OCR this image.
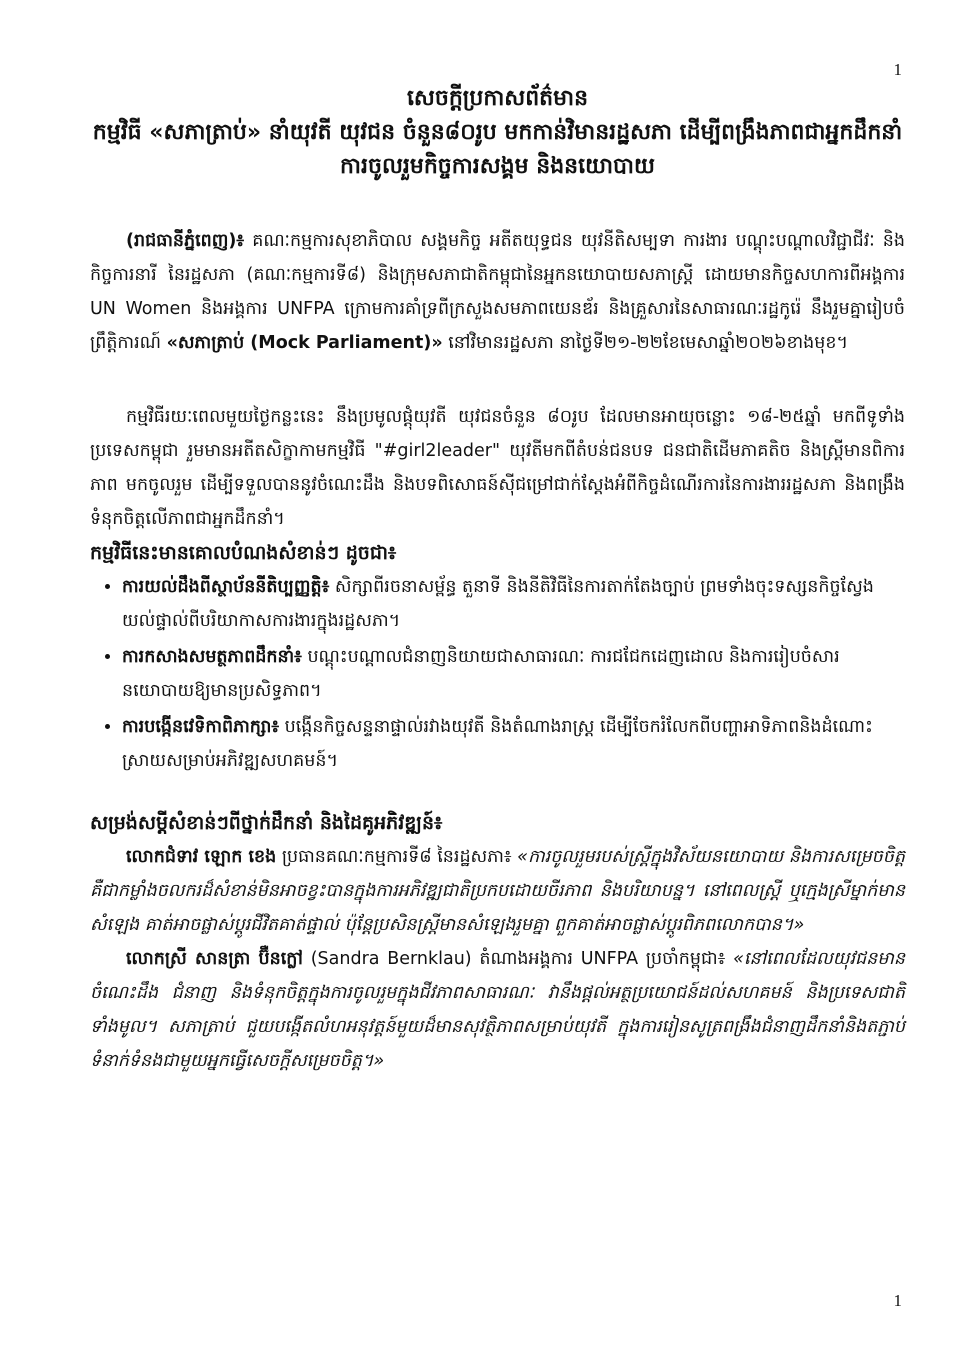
1

សេចក្តីប្រកាសព័ត៌មាន

កម្មវិធី «សភាត្រាប់» នាំយុវតី យុវជន ចំនួន៨០រូប មកកាន់វិមានរដ្ឋសភា ដើម្បីពង្រឹងភាពជាអ្នកដឹកនាំ

ការចូលរួមកិច្ចការសង្គម និងនយោបាយ

(រាជធានីភ្នំពេញ)៖ គណៈកម្មការសុខាភិបាល សង្គមកិច្ច អតីតយុទ្ធជន យុវនីតិសម្បទា ការងារ បណ្តុះបណ្តាលវិជ្ជាជីវៈ និងកិច្ចការនារី នៃរដ្ឋសភា (គណៈកម្មការទី៨) និងក្រុមសភាជាតិកម្ពុជានៃអ្នកនយោបាយសភាស្ត្រី ដោយមានកិច្ចសហការពីអង្គការ UN Women និងអង្គការ UNFPA ក្រោមការគាំទ្រពីក្រសួងសមភាពយេនឌ័រ និងគ្រួសារនៃសាធារណៈរដ្ឋកូរ៉េ នឹងរួមគ្នារៀបចំព្រឹត្តិការណ៍ «សភាត្រាប់ (Mock Parliament)» នៅវិមានរដ្ឋសភា នាថ្ងៃទី២១-២២ខែមេសាឆ្នាំ២០២៦ខាងមុខ។

កម្មវិធីរយៈពេលមួយថ្ងៃកន្លះនេះ នឹងប្រមូលផ្តុំយុវតី យុវជនចំនួន ៨០រូប ដែលមានអាយុចន្លោះ ១៨-២៥ឆ្នាំ មកពីទូទាំងប្រទេសកម្ពុជា រួមមានអតីតសិក្ខាកាមកម្មវិធី "#girl2leader" យុវតីមកពីតំបន់ជនបទ ជនជាតិដើមភាគតិច និងស្ត្រីមានពិការភាព មកចូលរួម ដើម្បីទទួលបាននូវចំណេះដឹង និងបទពិសោធន៍ស៊ីជម្រៅជាក់ស្តែងអំពីកិច្ចដំណើរការនៃការងាររដ្ឋសភា និងពង្រឹងទំនុកចិត្តលើភាពជាអ្នកដឹកនាំ។

កម្មវិធីនេះមានគោលបំណងសំខាន់ៗ ដូចជា៖

• ការយល់ដឹងពីស្ថាប័ននីតិប្បញ្ញត្តិ៖ សិក្សាពីរចនាសម្ព័ន្ធ តួនាទី និងនីតិវិធីនៃការតាក់តែងច្បាប់ ព្រមទាំងចុះទស្សនកិច្ចស្វែងយល់ផ្ទាល់ពីបរិយាកាសការងារក្នុងរដ្ឋសភា។
• ការកសាងសមត្ថភាពដឹកនាំ៖ បណ្តុះបណ្តាលជំនាញនិយាយជាសាធារណៈ ការជជែកដេញដោល និងការរៀបចំសារនយោបាយឱ្យមានប្រសិទ្ធភាព។
• ការបង្កើនវេទិកាពិភាក្សា៖ បង្កើនកិច្ចសន្ទនាផ្ទាល់រវាងយុវតី និងតំណាងរាស្ត្រ ដើម្បីចែករំលែកពីបញ្ហាអាទិភាពនិងដំណោះស្រាយសម្រាប់អភិវឌ្ឍសហគមន៍។

សម្រង់សម្តីសំខាន់ៗពីថ្នាក់ដឹកនាំ និងដៃគូអភិវឌ្ឍន៍៖

លោកជំទាវ ឡោក ខេង ប្រធានគណៈកម្មការទី៨ នៃរដ្ឋសភា៖ «ការចូលរួមរបស់ស្ត្រីក្នុងវិស័យនយោបាយ និងការសម្រេចចិត្ត គឺជាកម្លាំងចលករដ៏សំខាន់មិនអាចខ្វះបានក្នុងការអភិវឌ្ឍជាតិប្រកបដោយចីរភាព និងបរិយាបន្ន។ នៅពេលស្ត្រី ឬក្មេងស្រីម្នាក់មានសំឡេង គាត់អាចផ្លាស់ប្តូរជីវិតគាត់ផ្ទាល់ ប៉ុន្តែប្រសិនស្ត្រីមានសំឡេងរួមគ្នា ពួកគាត់អាចផ្លាស់ប្តូរពិភពលោកបាន។»

លោកស្រី សានត្រា ប៊ឺនក្លៅ (Sandra Bernklau) តំណាងអង្គការ UNFPA ប្រចាំកម្ពុជា៖ «នៅពេលដែលយុវជនមានចំណេះដឹង ជំនាញ និងទំនុកចិត្តក្នុងការចូលរួមក្នុងជីវភាពសាធារណៈ វានឹងផ្តល់អត្ថប្រយោជន៍ដល់សហគមន៍ និងប្រទេសជាតិទាំងមូល។ សភាត្រាប់ ជួយបង្កើតលំហអនុវត្តន៍មួយដ៏មានសុវត្ថិភាពសម្រាប់យុវតី ក្នុងការរៀនសូត្រពង្រឹងជំនាញដឹកនាំនិងតភ្ជាប់ទំនាក់ទំនងជាមួយអ្នកធ្វើសេចក្តីសម្រេចចិត្ត។»

1
